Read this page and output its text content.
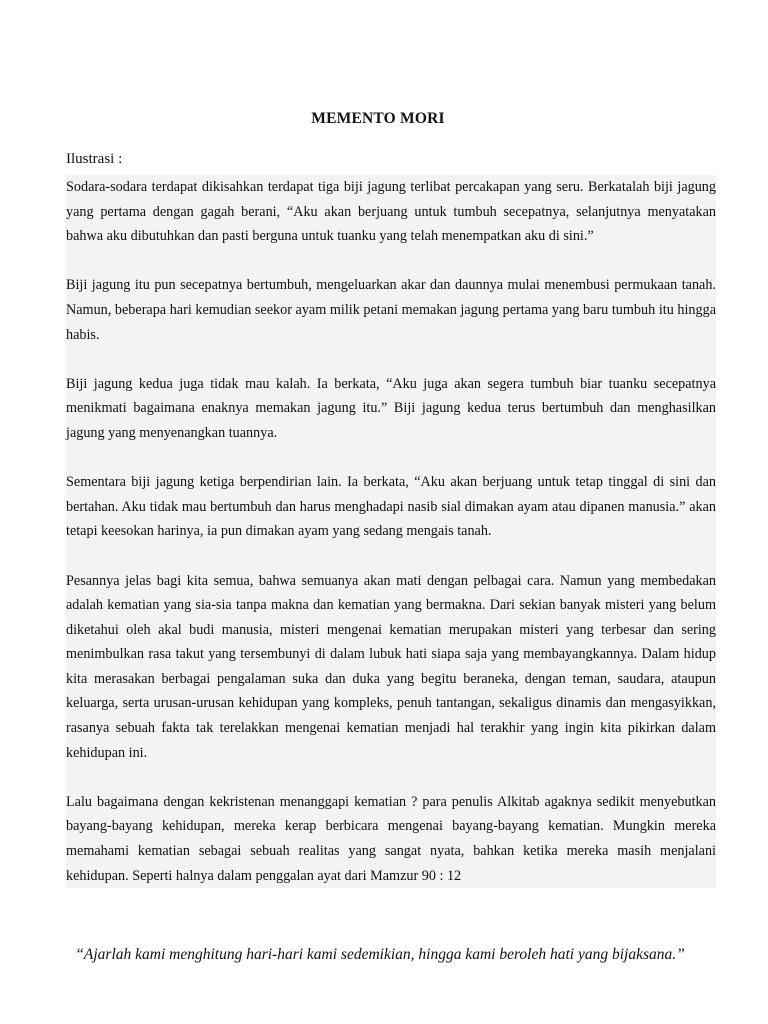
MEMENTO MORI
Ilustrasi :

Sodara-sodara terdapat dikisahkan terdapat tiga biji jagung terlibat percakapan yang seru. Berkatalah biji jagung yang pertama dengan gagah berani, “Aku akan berjuang untuk tumbuh secepatnya, selanjutnya menyatakan bahwa aku dibutuhkan dan pasti berguna untuk tuanku yang telah menempatkan aku di sini.”

Biji jagung itu pun secepatnya bertumbuh, mengeluarkan akar dan daunnya mulai menembusi permukaan tanah. Namun, beberapa hari kemudian seekor ayam milik petani memakan jagung pertama yang baru tumbuh itu hingga habis.

Biji jagung kedua juga tidak mau kalah. Ia berkata, “Aku juga akan segera tumbuh biar tuanku secepatnya menikmati bagaimana enaknya memakan jagung itu.” Biji jagung kedua terus bertumbuh dan menghasilkan jagung yang menyenangkan tuannya.

Sementara biji jagung ketiga berpendirian lain. Ia berkata, “Aku akan berjuang untuk tetap tinggal di sini dan bertahan. Aku tidak mau bertumbuh dan harus menghadapi nasib sial dimakan ayam atau dipanen manusia.” akan tetapi keesokan harinya, ia pun dimakan ayam yang sedang mengais tanah.

Pesannya jelas bagi kita semua, bahwa semuanya akan mati dengan pelbagai cara. Namun yang membedakan adalah kematian yang sia-sia tanpa makna dan kematian yang bermakna. Dari sekian banyak misteri yang belum diketahui oleh akal budi manusia, misteri mengenai kematian merupakan misteri yang terbesar dan sering menimbulkan rasa takut yang tersembunyi di dalam lubuk hati siapa saja yang membayangkannya. Dalam hidup kita merasakan berbagai pengalaman suka dan duka yang begitu beraneka, dengan teman, saudara, ataupun keluarga, serta urusan-urusan kehidupan yang kompleks, penuh tantangan, sekaligus dinamis dan mengasyikkan, rasanya sebuah fakta tak terelakkan mengenai kematian menjadi hal terakhir yang ingin kita pikirkan dalam kehidupan ini.

Lalu bagaimana dengan kekristenan menanggapi kematian ? para penulis Alkitab agaknya sedikit menyebutkan bayang-bayang kehidupan, mereka kerap berbicara mengenai bayang-bayang kematian. Mungkin mereka memahami kematian sebagai sebuah realitas yang sangat nyata, bahkan ketika mereka masih menjalani kehidupan. Seperti halnya dalam penggalan ayat dari Mamzur 90 : 12

“Ajarlah kami menghitung hari-hari kami sedemikian, hingga kami beroleh hati yang bijaksana.”
